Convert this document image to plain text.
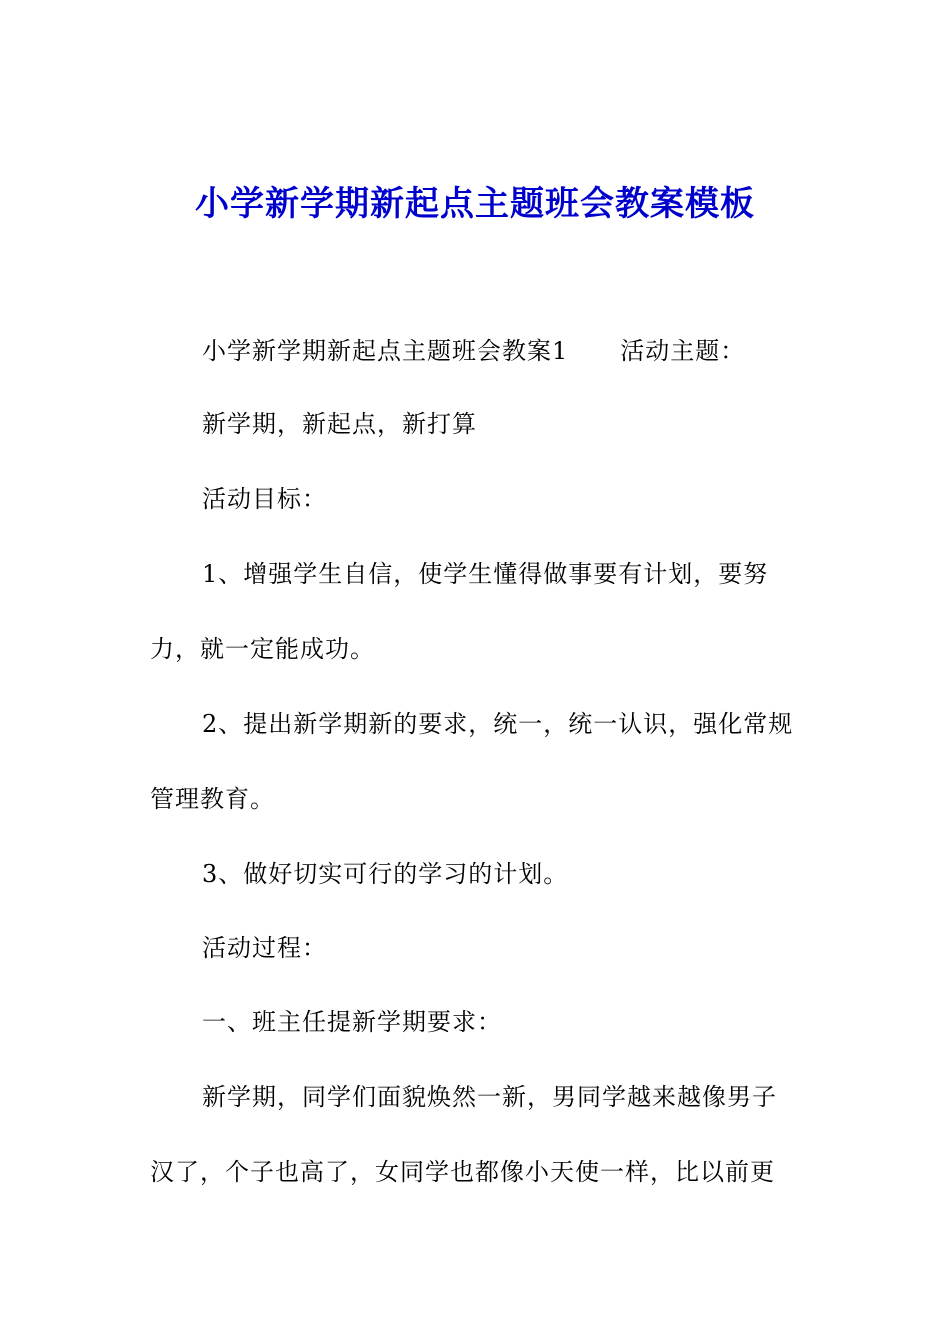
小学新学期新起点主题班会教案模板
小学新学期新起点主题班会教案1 活动主题：
新学期，新起点，新打算
活动目标：
1、增强学生自信，使学生懂得做事要有计划，要努
力，就一定能成功。
2、提出新学期新的要求，统一，统一认识，强化常规
管理教育。
3、做好切实可行的学习的计划。
活动过程：
一、班主任提新学期要求：
新学期，同学们面貌焕然一新，男同学越来越像男子
汉了，个子也高了，女同学也都像小天使一样，比以前更
